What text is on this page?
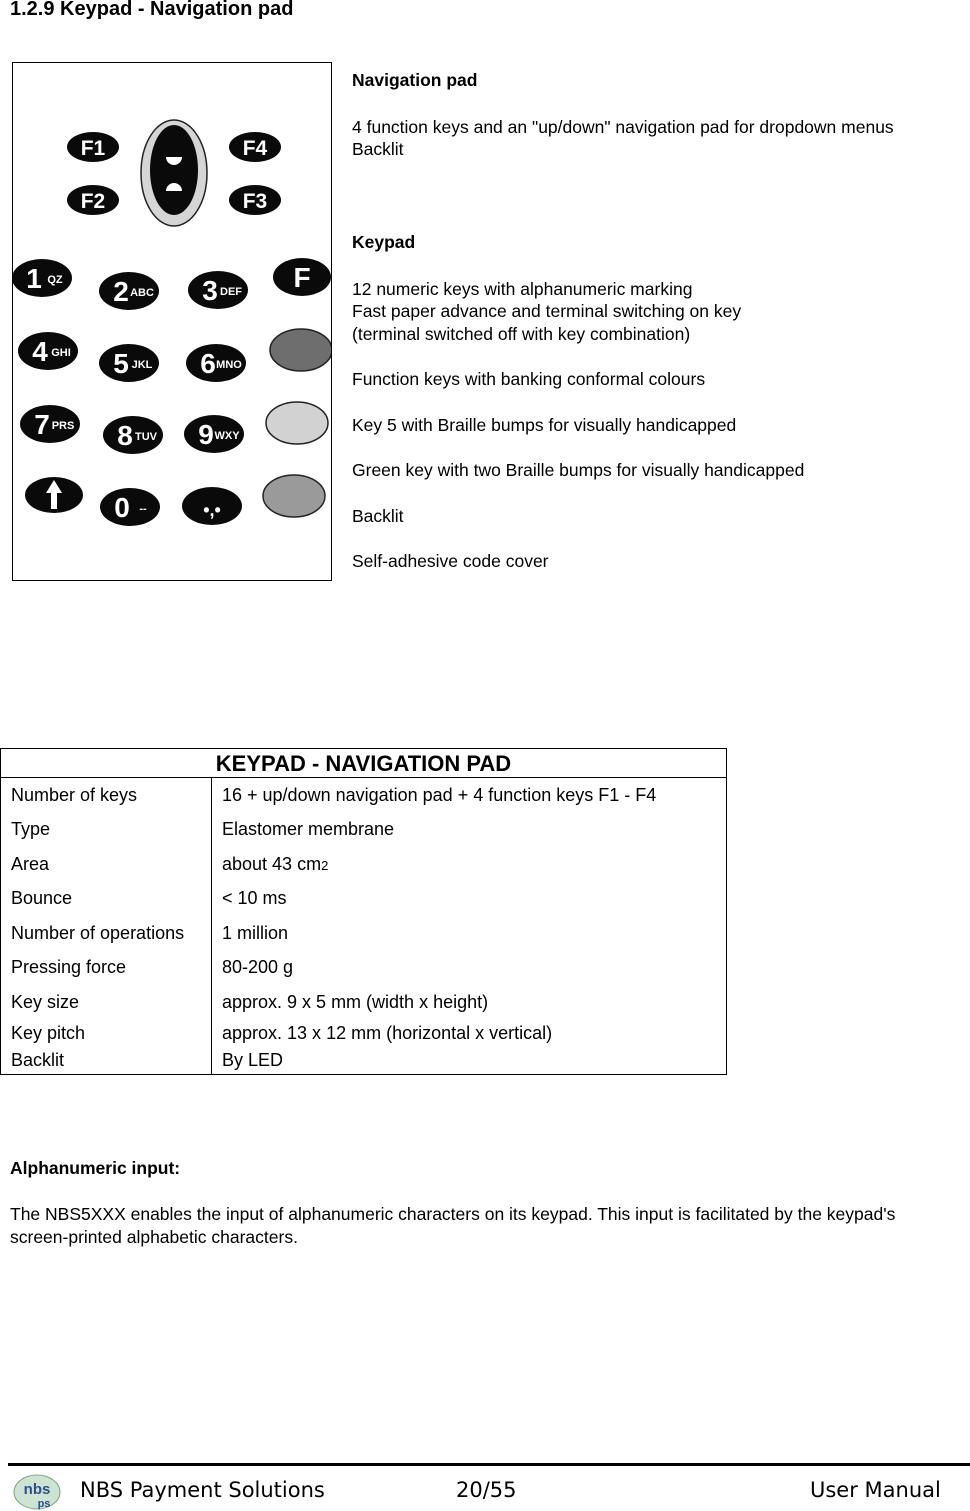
1.2.9 Keypad - Navigation pad
F1	F4
F2	F3
1 QZ 2 ABC 3 DEF F
4 GHI 5 JKL 6 MNO
7 PRS 8 TUV 9 WXY
0 --	•,•
Navigation pad
4 function keys and an "up/down" navigation pad for dropdown menus
Backlit
Keypad
12 numeric keys with alphanumeric marking
Fast paper advance and terminal switching on key
(terminal switched off with key combination)
Function keys with banking conformal colours
Key 5 with Braille bumps for visually handicapped
Green key with two Braille bumps for visually handicapped
Backlit
Self-adhesive code cover
KEYPAD - NAVIGATION PAD	
Number of keys	16 + up/down navigation pad + 4 function keys F1 - F4
Type	Elastomer membrane
Area	about 43 cm2
Bounce	< 10 ms
Number of operations	1 million
Pressing force	80-200 g
Key size	approx. 9 x 5 mm (width x height)
Key pitch	approx. 13 x 12 mm (horizontal x vertical)
Backlit	By LED
Alphanumeric input:
The NBS5XXX enables the input of alphanumeric characters on its keypad. This input is facilitated by the keypad's screen-printed alphabetic characters.
nbs
ps
NBS Payment Solutions	20/55	User Manual
